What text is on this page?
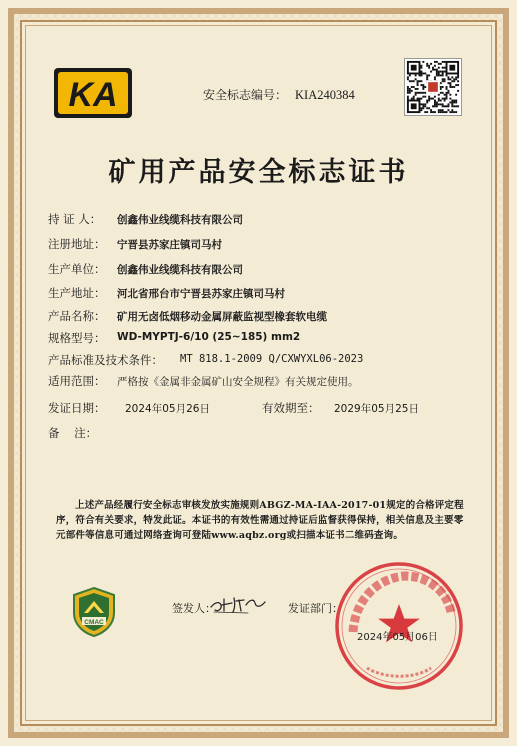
KA	安全标志编号： KIA240384
矿用产品安全标志证书
持 证 人： 创鑫伟业线缆科技有限公司
注册地址： 宁晋县苏家庄镇司马村
生产单位： 创鑫伟业线缆科技有限公司
生产地址： 河北省邢台市宁晋县苏家庄镇司马村
产品名称： 矿用无卤低烟移动金属屏蔽监视型橡套软电缆
规格型号： WD-MYPTJ-6/10 (25~185) mm2
产品标准及技术条件： MT 818.1-2009 Q/CXWYXL06-2023
适用范围： 严格按《金属非金属矿山安全规程》有关规定使用。
发证日期： 2024年05月26日	有效期至： 2029年05月25日
备    注：
上述产品经履行安全标志审核发放实施规则ABGZ-MA-IAA-2017-01规定的合格评定程序，符合有关要求，特发此证。本证书的有效性需通过持证后监督获得保持，相关信息及主要零元部件等信息可通过网络查询可登陆www.aqbz.org或扫描本证书二维码查询。
CMAC
签发人：	发证部门：
2024年05月06日
